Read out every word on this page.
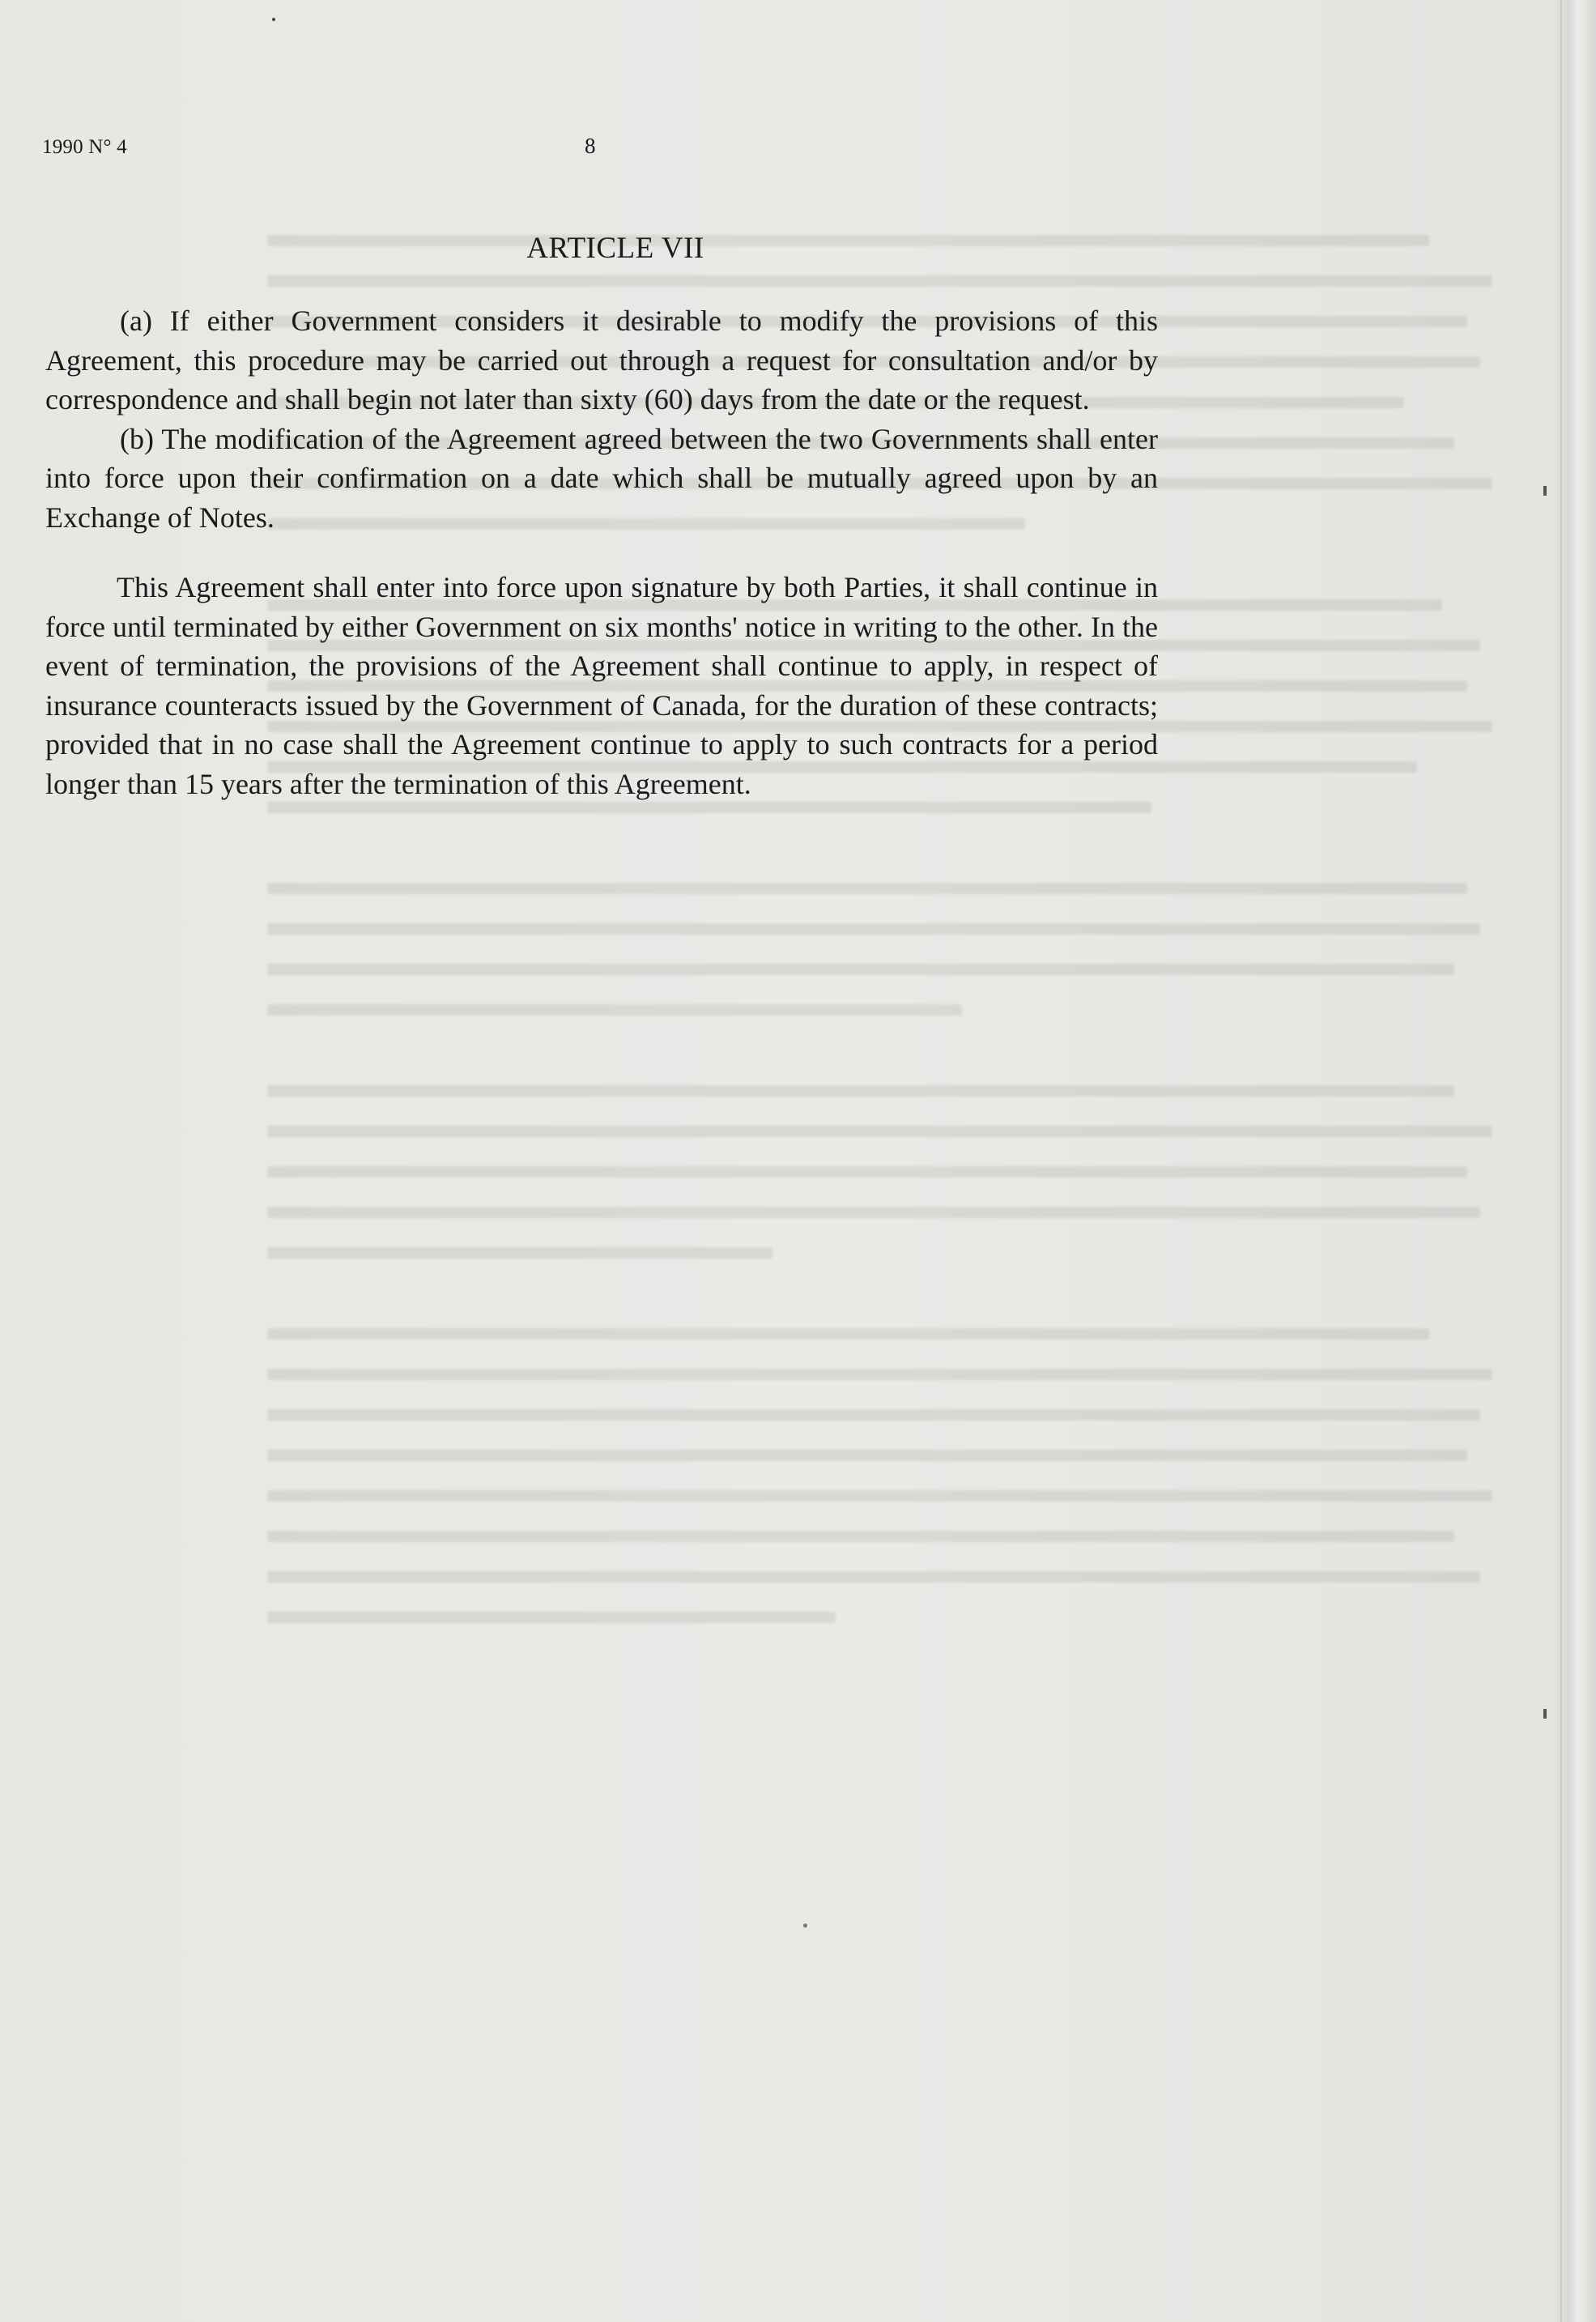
1990 N° 4	8
ARTICLE VII

(a) If either Government considers it desirable to modify the provisions of this Agreement, this procedure may be carried out through a request for consultation and/or by correspondence and shall begin not later than sixty (60) days from the date or the request.

(b) The modification of the Agreement agreed between the two Governments shall enter into force upon their confirmation on a date which shall be mutually agreed upon by an Exchange of Notes.

This Agreement shall enter into force upon signature by both Parties, it shall continue in force until terminated by either Government on six months' notice in writing to the other. In the event of termination, the provisions of the Agreement shall continue to apply, in respect of insurance counteracts issued by the Government of Canada, for the duration of these contracts; provided that in no case shall the Agreement continue to apply to such contracts for a period longer than 15 years after the termination of this Agreement.
